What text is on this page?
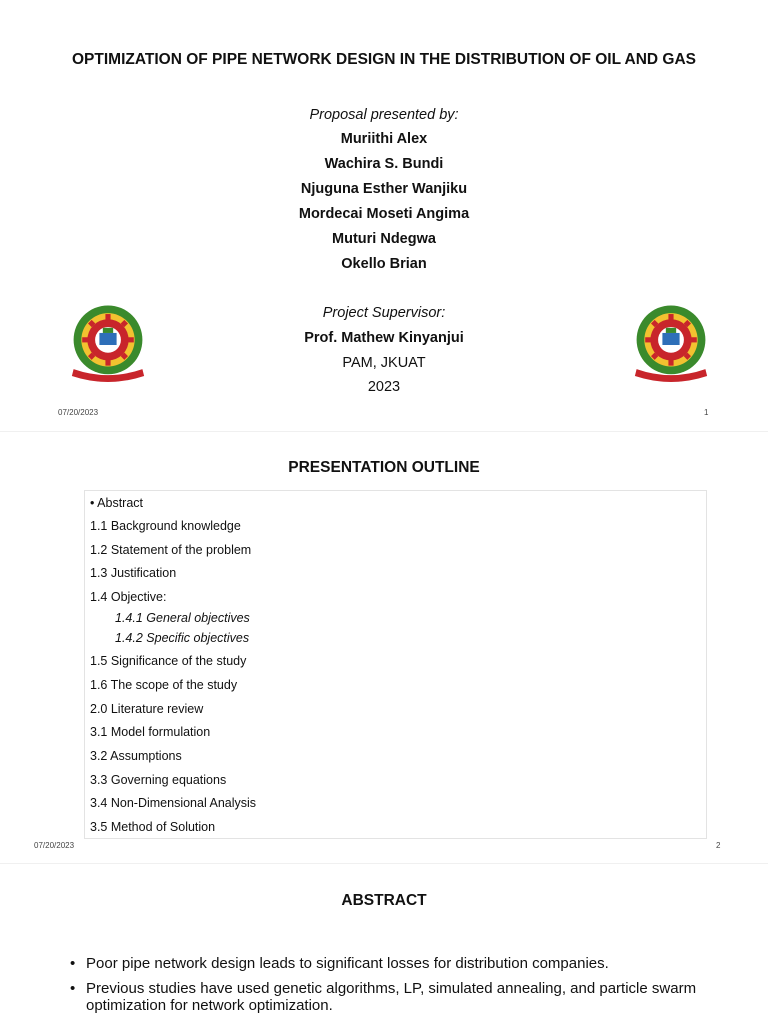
OPTIMIZATION OF PIPE NETWORK DESIGN IN THE DISTRIBUTION OF OIL AND GAS
Proposal presented by:
Muriithi Alex
Wachira S. Bundi
Njuguna Esther Wanjiku
Mordecai Moseti Angima
Muturi Ndegwa
Okello Brian
Project Supervisor:
Prof. Mathew Kinyanjui
PAM, JKUAT
2023
07/20/2023	1
PRESENTATION OUTLINE
• Abstract
1.1 Background knowledge
1.2 Statement of the problem
1.3 Justification
1.4 Objective:
1.4.1 General objectives
1.4.2 Specific objectives
1.5 Significance of the study
1.6 The scope of the study
2.0 Literature review
3.1 Model formulation
3.2 Assumptions
3.3 Governing equations
3.4 Non-Dimensional Analysis
3.5 Method of Solution
07/20/2023	2
ABSTRACT
• Poor pipe network design leads to significant losses for distribution companies.
• Previous studies have used genetic algorithms, LP, simulated annealing, and particle swarm optimization for network optimization.
